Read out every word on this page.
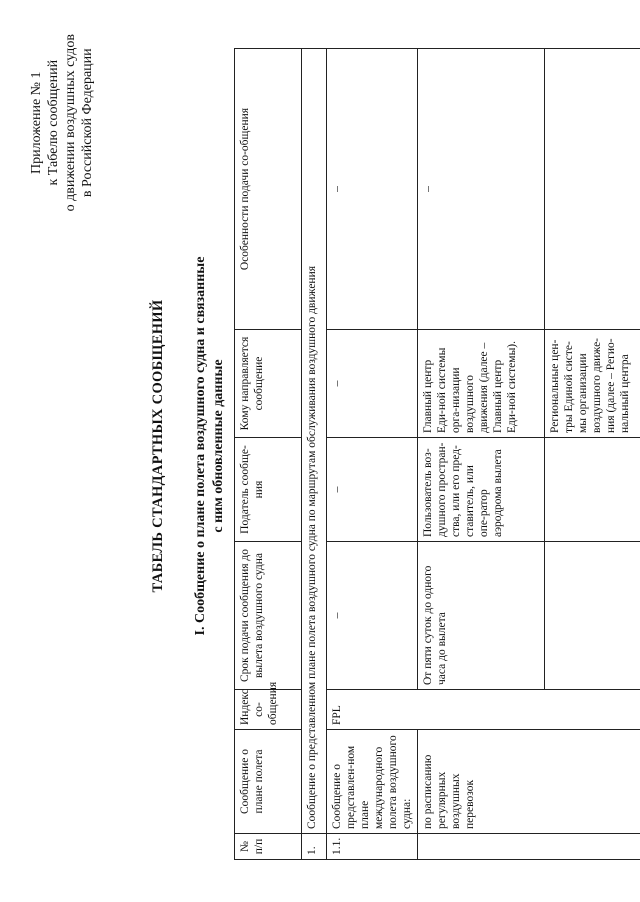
Приложение № 1 к Табелю сообщений о движении воздушных судов в Российской Федерации
ТАБЕЛЬ СТАНДАРТНЫХ СООБЩЕНИЙ I. Сообщение о плане полета воздушного судна и связанные с ним обновленные данные
№ п/п	Сообщение о плане полета	Индекс со-общения	Срок подачи сообщения до вылета воздушного судна	Податель сообще-ния	Кому направляется сообщение	Особенности подачи со-общения
1.	Сообщение о представленном плане полета воздушного судна по маршрутам обслуживания воздушного движения					
1.1.	Сообщение о представлен-ном плане международного полета воздушного судна:	FPL	–	–	–	–
	по расписанию регулярных воздушных перевозок		От пяти суток до одного часа до вылета	Пользователь воз-душного простран-ства, или его пред-ставитель, или опе-ратор аэродрома вылета	Главный центр Еди-ной системы орга-низации воздушного движения (далее – Главный центр Еди-ной системы).	–
					Региональные цен-тры Единой систе-мы организации воздушного движе-ния (далее – Регио-нальный центра	
